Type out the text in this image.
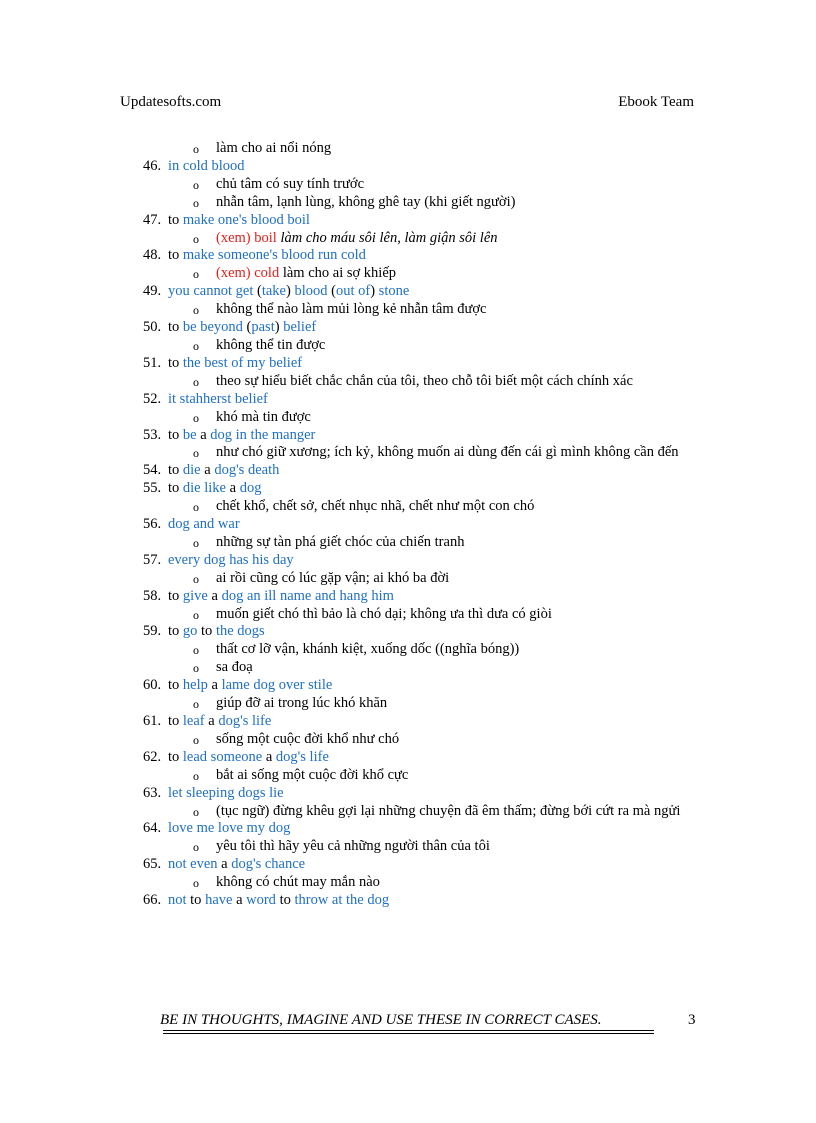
Updatesofts.com	Ebook Team
o làm cho ai nổi nóng
46. in cold blood
o chủ tâm có suy tính trước
o nhẫn tâm, lạnh lùng, không ghê tay (khi giết người)
47. to make one's blood boil
o (xem) boil làm cho máu sôi lên, làm giận sôi lên
48. to make someone's blood run cold
o (xem) cold làm cho ai sợ khiếp
49. you cannot get (take) blood (out of) stone
o không thể nào làm mủi lòng kẻ nhẫn tâm được
50. to be beyond (past) belief
o không thể tin được
51. to the best of my belief
o theo sự hiểu biết chắc chắn của tôi, theo chỗ tôi biết một cách chính xác
52. it stahherst belief
o khó mà tin được
53. to be a dog in the manger
o như chó giữ xương; ích kỷ, không muốn ai dùng đến cái gì mình không cần đến
54. to die a dog's death
55. to die like a dog
o chết khổ, chết sở, chết nhục nhã, chết như một con chó
56. dog and war
o những sự tàn phá giết chóc của chiến tranh
57. every dog has his day
o ai rồi cũng có lúc gặp vận; ai khó ba đời
58. to give a dog an ill name and hang him
o muốn giết chó thì bảo là chó dại; không ưa thì dưa có giòi
59. to go to the dogs
o thất cơ lỡ vận, khánh kiệt, xuống dốc ((nghĩa bóng))
o sa đoạ
60. to help a lame dog over stile
o giúp đỡ ai trong lúc khó khăn
61. to leaf a dog's life
o sống một cuộc đời khổ như chó
62. to lead someone a dog's life
o bắt ai sống một cuộc đời khổ cực
63. let sleeping dogs lie
o (tục ngữ) đừng khêu gợi lại những chuyện đã êm thấm; đừng bới cứt ra mà ngửi
64. love me love my dog
o yêu tôi thì hãy yêu cả những người thân của tôi
65. not even a dog's chance
o không có chút may mắn nào
66. not to have a word to throw at the dog
BE IN THOUGHTS, IMAGINE AND USE THESE IN CORRECT CASES.	3
